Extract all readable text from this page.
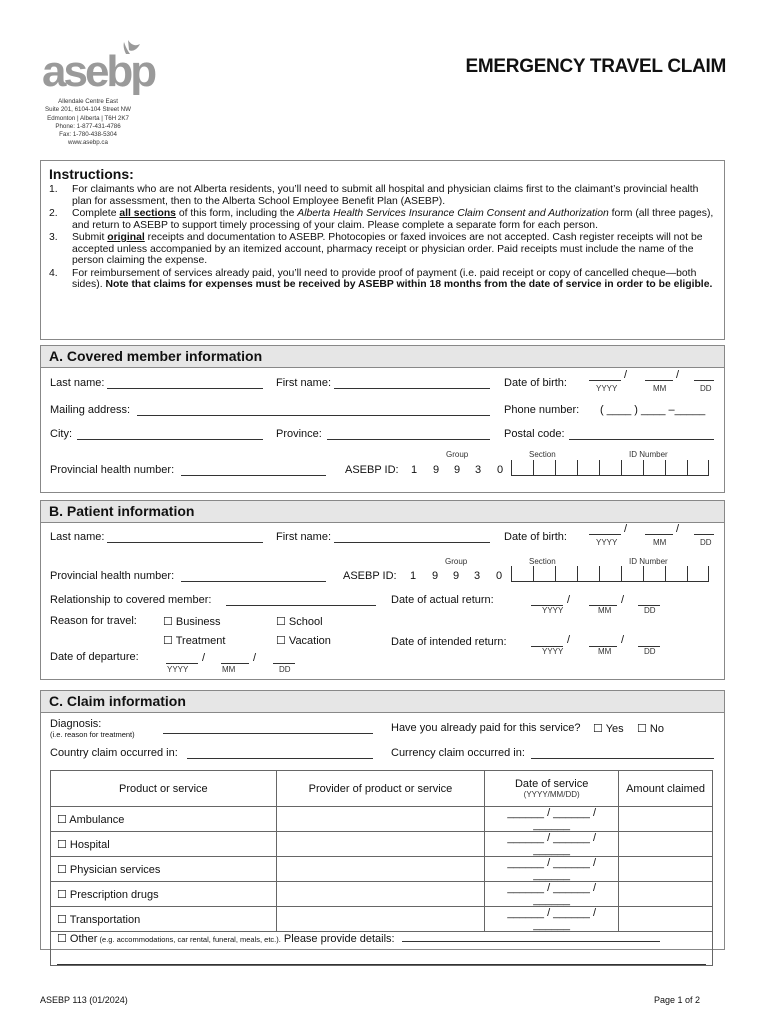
asebp
Allendale Centre East
Suite 201, 6104-104 Street NW
Edmonton | Alberta | T6H 2K7
Phone: 1-877-431-4786
Fax: 1-780-438-5304
www.asebp.ca
EMERGENCY TRAVEL CLAIM
Instructions:
1. For claimants who are not Alberta residents, you’ll need to submit all hospital and physician claims first to the claimant’s provincial health plan for assessment, then to the Alberta School Employee Benefit Plan (ASEBP).
2. Complete all sections of this form, including the Alberta Health Services Insurance Claim Consent and Authorization form (all three pages), and return to ASEBP to support timely processing of your claim. Please complete a separate form for each person.
3. Submit original receipts and documentation to ASEBP. Photocopies or faxed invoices are not accepted. Cash register receipts will not be accepted unless accompanied by an itemized account, pharmacy receipt or physician order. Paid receipts must include the name of the person claiming the expense.
4. For reimbursement of services already paid, you’ll need to provide proof of payment (i.e. paid receipt or copy of cancelled cheque—both sides). Note that claims for expenses must be received by ASEBP within 18 months from the date of service in order to be eligible.
A. Covered member information
Last name:	First name:	Date of birth:
/	/
YYYY	MM	DD
Mailing address:	Phone number: ( ____ ) ____ –_____
City:	Province:	Postal code:
Group	Section	ID Number
Provincial health number:	ASEBP ID: 1 9 9 3 0
B. Patient information
Last name:	First name:	Date of birth:
/	/
YYYY	MM	DD
Group	Section	ID Number
Provincial health number:	ASEBP ID: 1 9 9 3 0
Relationship to covered member:	Date of actual return:	/	/
YYYY	MM	DD
Reason for travel: ☐ Business	☐ School
☐ Treatment	☐ Vacation	Date of intended return:	/	/
YYYY	MM	DD
Date of departure:	/	/
YYYY	MM	DD
C. Claim information
Diagnosis:
(i.e. reason for treatment)
Have you already paid for this service? ☐ Yes ☐ No
Country claim occurred in:	Currency claim occurred in:
Product or service	Provider of product or service	Date of service
(YYYY/MM/DD)	Amount claimed
☐ Ambulance		______ / ______ / ______	
☐ Hospital		______ / ______ / ______	
☐ Physician services		______ / ______ / ______	
☐ Prescription drugs		______ / ______ / ______	
☐ Transportation		______ / ______ / ______	
☐ Other (e.g. accommodations, car rental, funeral, meals, etc.). Please provide details:			
ASEBP 113 (01/2024)	Page 1 of 2
